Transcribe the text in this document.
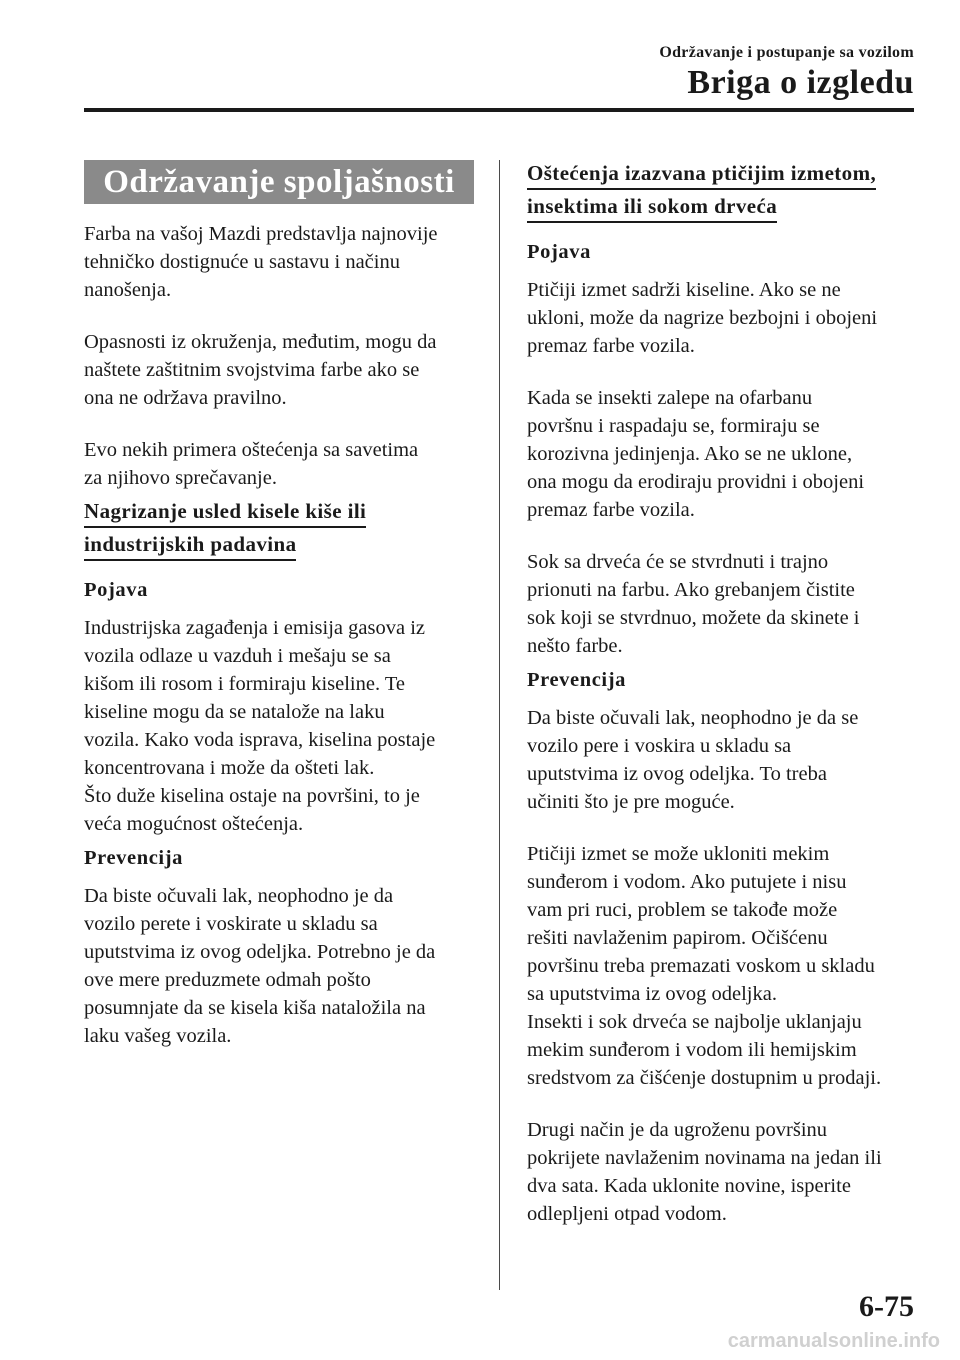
Održavanje i postupanje sa vozilom
Briga o izgledu
Održavanje spoljašnosti

Farba na vašoj Mazdi predstavlja najnovije
tehničko dostignuće u sastavu i načinu
nanošenja.

Opasnosti iz okruženja, međutim, mogu da
naštete zaštitnim svojstvima farbe ako se
ona ne održava pravilno.

Evo nekih primera oštećenja sa savetima
za njihovo sprečavanje.

Nagrizanje usled kisele kiše ili
industrijskih padavina
Pojava

Industrijska zagađenja i emisija gasova iz
vozila odlaze u vazduh i mešaju se sa
kišom ili rosom i formiraju kiseline. Te
kiseline mogu da se nataložе na laku
vozila. Kako voda isprava, kiselina postaje
koncentrovana i može da ošteti lak.
Što duže kiselina ostaje na površini, to je
veća mogućnost oštećenja.

Prevencija

Da biste očuvali lak, neophodno je da
vozilo perete i voskirate u skladu sa
uputstvima iz ovog odeljka. Potrebno je da
ove mere preduzmete odmah pošto
posumnjate da se kisela kiša nataložila na
laku vašeg vozila.

Oštećenja izazvana ptičijim izmetom,
insektima ili sokom drveća
Pojava

Ptičiji izmet sadrži kiseline. Ako se ne
ukloni, može da nagrize bezbojni i obojeni
premaz farbe vozila.

Kada se insekti zalepe na ofarbanu
površnu i raspadaju se, formiraju se
korozivna jedinjenja. Ako se ne uklone,
ona mogu da erodiraju providni i obojeni
premaz farbe vozila.

Sok sa drveća će se stvrdnuti i trajno
prionuti na farbu. Ako grebanjem čistite
sok koji se stvrdnuo, možete da skinete i
nešto farbe.

Prevencija

Da biste očuvali lak, neophodno je da se
vozilo pere i voskira u skladu sa
uputstvima iz ovog odeljka. To treba
učiniti što je pre moguće.

Ptičiji izmet se može ukloniti mekim
sunđerom i vodom. Ako putujete i nisu
vam pri ruci, problem se takođe može
rešiti navlaženim papirom. Očišćenu
površinu treba premazati voskom u skladu
sa uputstvima iz ovog odeljka.
Insekti i sok drveća se najbolje uklanjaju
mekim sunđerom i vodom ili hemijskim
sredstvom za čišćenje dostupnim u prodaji.

Drugi način je da ugroženu površinu
pokrijete navlaženim novinama na jedan ili
dva sata. Kada uklonite novine, isperite
odlepljeni otpad vodom.

6-75
carmanualsonline.info
